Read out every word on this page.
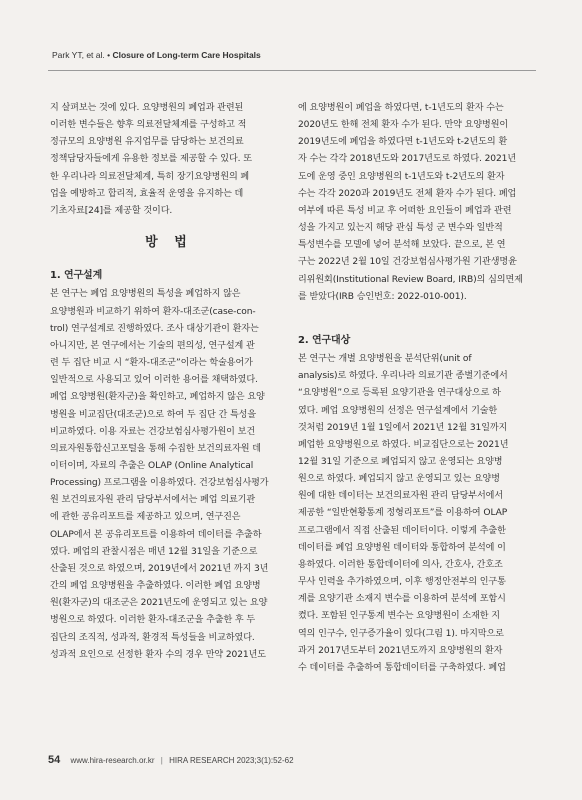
Park YT, et al. • Closure of Long-term Care Hospitals

지 살펴보는 것에 있다. 요양병원의 폐업과 관련된
이러한 변수들은 향후 의료전달체계를 구성하고 적
정규모의 요양병원 유지업무를 담당하는 보건의료
정책담당자들에게 유용한 정보를 제공할 수 있다. 또
한 우리나라 의료전달체계, 특히 장기요양병원의 폐
업을 예방하고 합리적, 효율적 운영을 유지하는 데
기초자료[24]를 제공할 것이다.

방 법
1. 연구설계

본 연구는 폐업 요양병원의 특성을 폐업하지 않은
요양병원과 비교하기 위하여 환자-대조군(case-con-
trol) 연구설계로 진행하였다. 조사 대상기관이 환자는
아니지만, 본 연구에서는 기술의 편의성, 연구설계 관
련 두 집단 비교 시 “환자-대조군”이라는 학술용어가
일반적으로 사용되고 있어 이러한 용어를 채택하였다.
폐업 요양병원(환자군)을 확인하고, 폐업하지 않은 요양
병원을 비교집단(대조군)으로 하여 두 집단 간 특성을
비교하였다. 이용 자료는 건강보험심사평가원이 보건
의료자원통합신고포털을 통해 수집한 보건의료자원 데
이터이며, 자료의 추출은 OLAP (Online Analytical
Processing) 프로그램을 이용하였다. 건강보험심사평가
원 보건의료자원 관리 담당부서에서는 폐업 의료기관
에 관한 공유리포트를 제공하고 있으며, 연구진은
OLAP에서 본 공유리포트를 이용하여 데이터를 추출하
였다. 폐업의 관찰시점은 매년 12월 31일을 기준으로
산출된 것으로 하였으며, 2019년에서 2021년 까지 3년
간의 폐업 요양병원을 추출하였다. 이러한 폐업 요양병
원(환자군)의 대조군은 2021년도에 운영되고 있는 요양
병원으로 하였다. 이러한 환자-대조군을 추출한 후 두
집단의 조직적, 성과적, 환경적 특성들을 비교하였다.
성과적 요인으로 선정한 환자 수의 경우 만약 2021년도

에 요양병원이 폐업을 하였다면, t-1년도의 환자 수는
2020년도 한해 전체 환자 수가 된다. 만약 요양병원이
2019년도에 폐업을 하였다면 t-1년도와 t-2년도의 환
자 수는 각각 2018년도와 2017년도로 하였다. 2021년
도에 운영 중인 요양병원의 t-1년도와 t-2년도의 환자
수는 각각 2020과 2019년도 전체 환자 수가 된다. 폐업
여부에 따른 특성 비교 후 어떠한 요인들이 폐업과 관련
성을 가지고 있는지 해당 관심 특성 군 변수와 일반적
특성변수를 모델에 넣어 분석해 보았다. 끝으로, 본 연
구는 2022년 2월 10일 건강보험심사평가원 기관생명윤
리위원회(Institutional Review Board, IRB)의 심의면제
를 받았다(IRB 승인번호: 2022-010-001).

2. 연구대상

본 연구는 개별 요양병원을 분석단위(unit of
analysis)로 하였다. 우리나라 의료기관 종별기준에서
“요양병원”으로 등록된 요양기관을 연구대상으로 하
였다. 폐업 요양병원의 선정은 연구설계에서 기술한
것처럼 2019년 1월 1일에서 2021년 12월 31일까지
폐업한 요양병원으로 하였다. 비교집단으로는 2021년
12월 31일 기준으로 폐업되지 않고 운영되는 요양병
원으로 하였다. 폐업되지 않고 운영되고 있는 요양병
원에 대한 데이터는 보건의료자원 관리 담당부서에서
제공한 “일반현황통계 정형리포트”를 이용하여 OLAP
프로그램에서 직접 산출된 데이터이다. 이렇게 추출한
데이터를 폐업 요양병원 데이터와 통합하여 분석에 이
용하였다. 이러한 통합데이터에 의사, 간호사, 간호조
무사 인력을 추가하였으며, 이후 행정안전부의 인구통
계를 요양기관 소재지 변수를 이용하여 분석에 포함시
켰다. 포함된 인구통계 변수는 요양병원이 소재한 지
역의 인구수, 인구증가율이 있다(그림 1). 마지막으로
과거 2017년도부터 2021년도까지 요양병원의 환자
수 데이터를 추출하여 통합데이터를 구축하였다. 폐업

54 www.hira-research.or.kr | HIRA RESEARCH 2023;3(1):52-62
